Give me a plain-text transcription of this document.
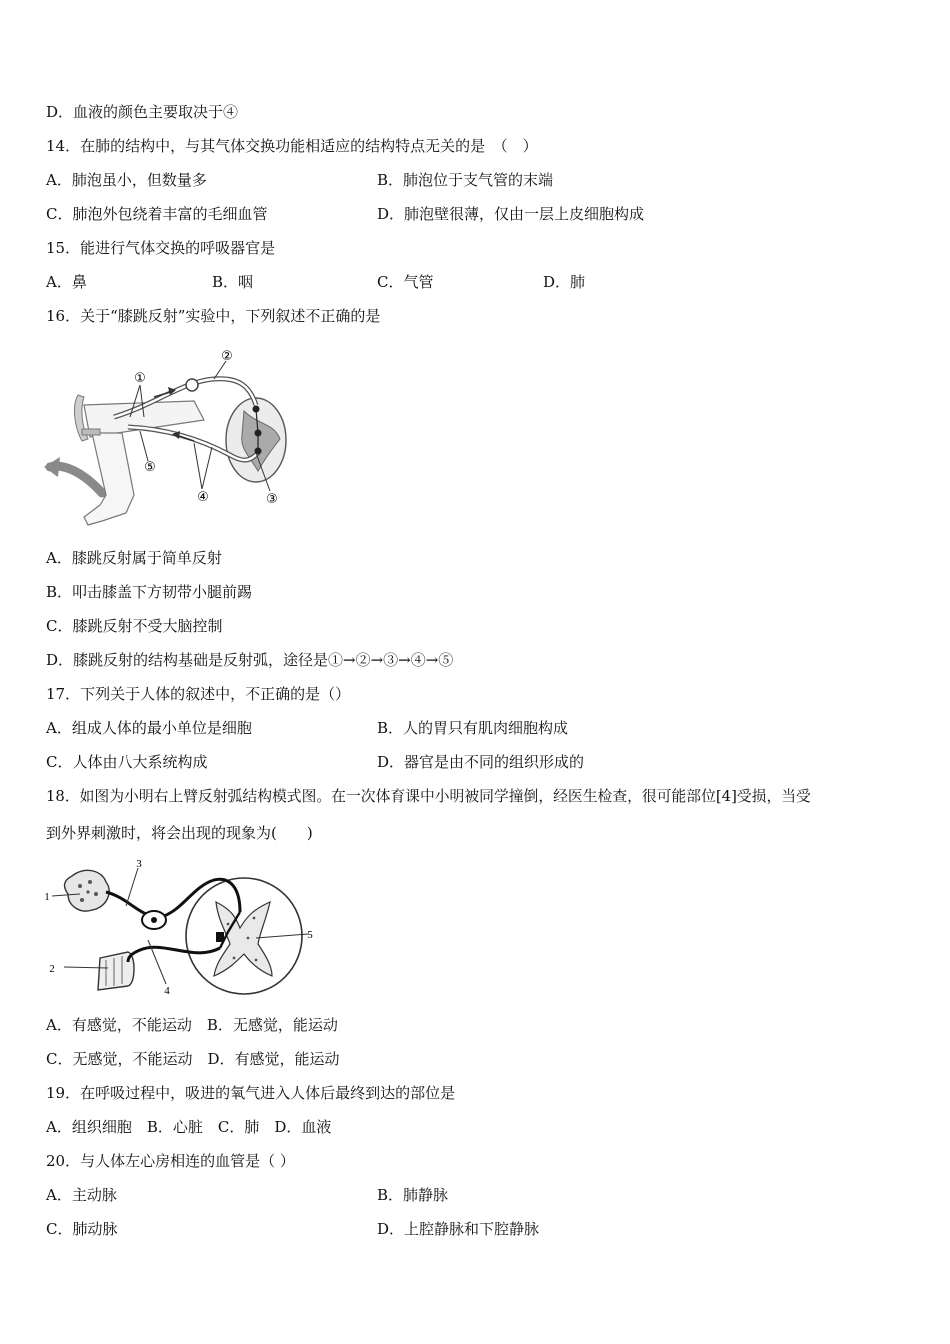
D．血液的颜色主要取决于④
14．在肺的结构中，与其气体交换功能相适应的结构特点无关的是　（　）
A．肺泡虽小，但数量多	B．肺泡位于支气管的末端
C．肺泡外包绕着丰富的毛细血管	D．肺泡壁很薄，仅由一层上皮细胞构成
15．能进行气体交换的呼吸器官是
A．鼻	B．咽	C．气管	D．肺
16．关于“膝跳反射”实验中，下列叙述不正确的是
①
②
③
④
⑤
A．膝跳反射属于简单反射
B．叩击膝盖下方韧带小腿前踢
C．膝跳反射不受大脑控制
D．膝跳反射的结构基础是反射弧，途径是①→②→③→④→⑤
17．下列关于人体的叙述中，不正确的是（）
A．组成人体的最小单位是细胞	B．人的胃只有肌肉细胞构成
C．人体由八大系统构成	D．器官是由不同的组织形成的
18．如图为小明右上臂反射弧结构模式图。在一次体育课中小明被同学撞倒，经医生检查，很可能部位[4]受损，当受
到外界刺激时，将会出现的现象为(　　)
1
2
3
4
5
A．有感觉，不能运动　B．无感觉，能运动
C．无感觉，不能运动　D．有感觉，能运动
19．在呼吸过程中，吸进的氧气进入人体后最终到达的部位是
A．组织细胞　B．心脏　C．肺　D．血液
20．与人体左心房相连的血管是（ ）
A．主动脉	B．肺静脉
C．肺动脉	D．上腔静脉和下腔静脉
